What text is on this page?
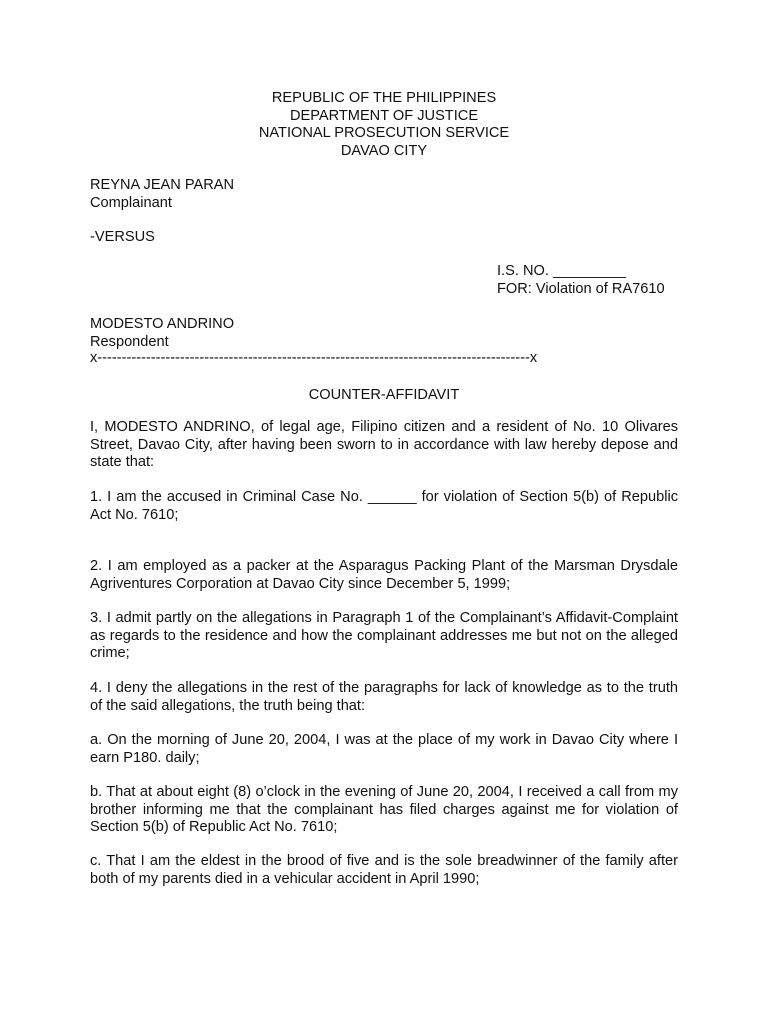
REPUBLIC OF THE PHILIPPINES
DEPARTMENT OF JUSTICE
NATIONAL PROSECUTION SERVICE
DAVAO CITY
REYNA JEAN PARAN
Complainant
-VERSUS
I.S. NO. _________
FOR: Violation of RA7610
MODESTO ANDRINO
Respondent
x-----------------------------------------------------------------------------------------x
COUNTER-AFFIDAVIT
I, MODESTO ANDRINO, of legal age, Filipino citizen and a resident of No. 10 Olivares Street, Davao City, after having been sworn to in accordance with law hereby depose and state that:
1. I am the accused in Criminal Case No. ______ for violation of Section 5(b) of Republic Act No. 7610;
2. I am employed as a packer at the Asparagus Packing Plant of the Marsman Drysdale Agriventures Corporation at Davao City since December 5, 1999;
3. I admit partly on the allegations in Paragraph 1 of the Complainant’s Affidavit-Complaint as regards to the residence and how the complainant addresses me but not on the alleged crime;
4. I deny the allegations in the rest of the paragraphs for lack of knowledge as to the truth of the said allegations, the truth being that:
a. On the morning of June 20, 2004, I was at the place of my work in Davao City where I earn P180. daily;
b. That at about eight (8) o’clock in the evening of June 20, 2004, I received a call from my brother informing me that the complainant has filed charges against me for violation of Section 5(b) of Republic Act No. 7610;
c. That I am the eldest in the brood of five and is the sole breadwinner of the family after both of my parents died in a vehicular accident in April 1990;
